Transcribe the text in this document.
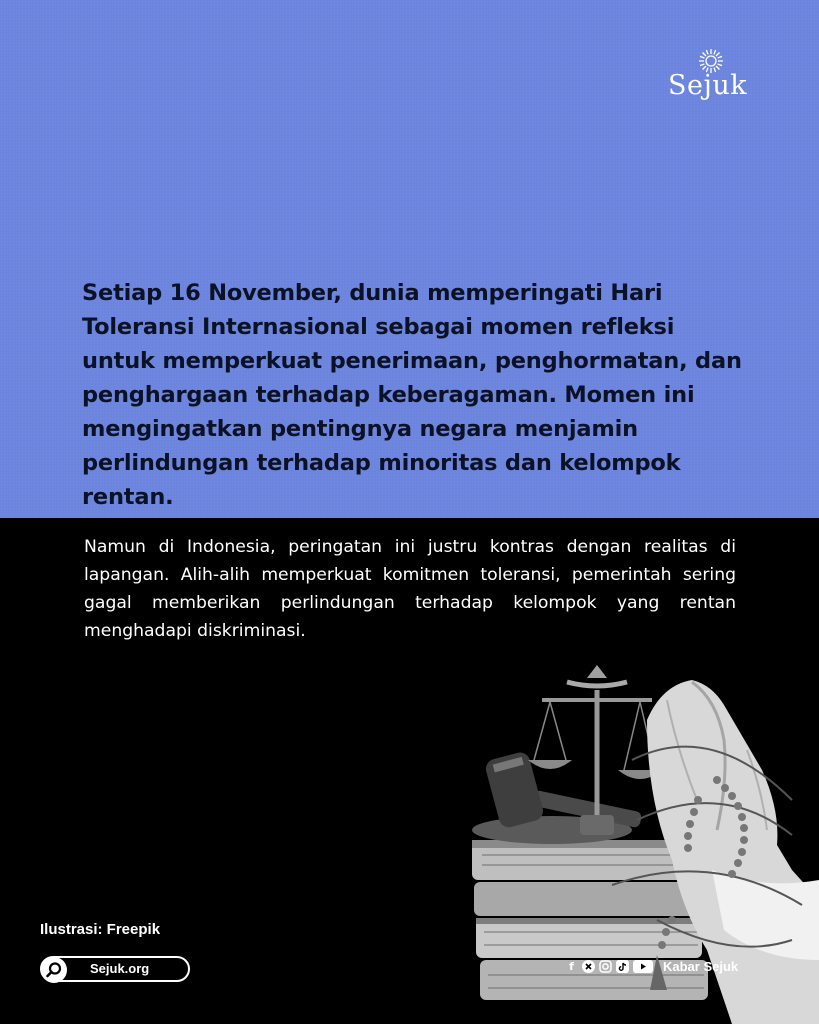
Sejuk

Setiap 16 November, dunia memperingati Hari Toleransi Internasional sebagai momen refleksi untuk memperkuat penerimaan, penghormatan, dan penghargaan terhadap keberagaman. Momen ini mengingatkan pentingnya negara menjamin perlindungan terhadap minoritas dan kelompok rentan.

Namun di Indonesia, peringatan ini justru kontras dengan realitas di lapangan. Alih-alih memperkuat komitmen toleransi, pemerintah sering gagal memberikan perlindungan terhadap kelompok yang rentan menghadapi diskriminasi.

Ilustrasi: Freepik
Sejuk.org	f	Kabar Sejuk
